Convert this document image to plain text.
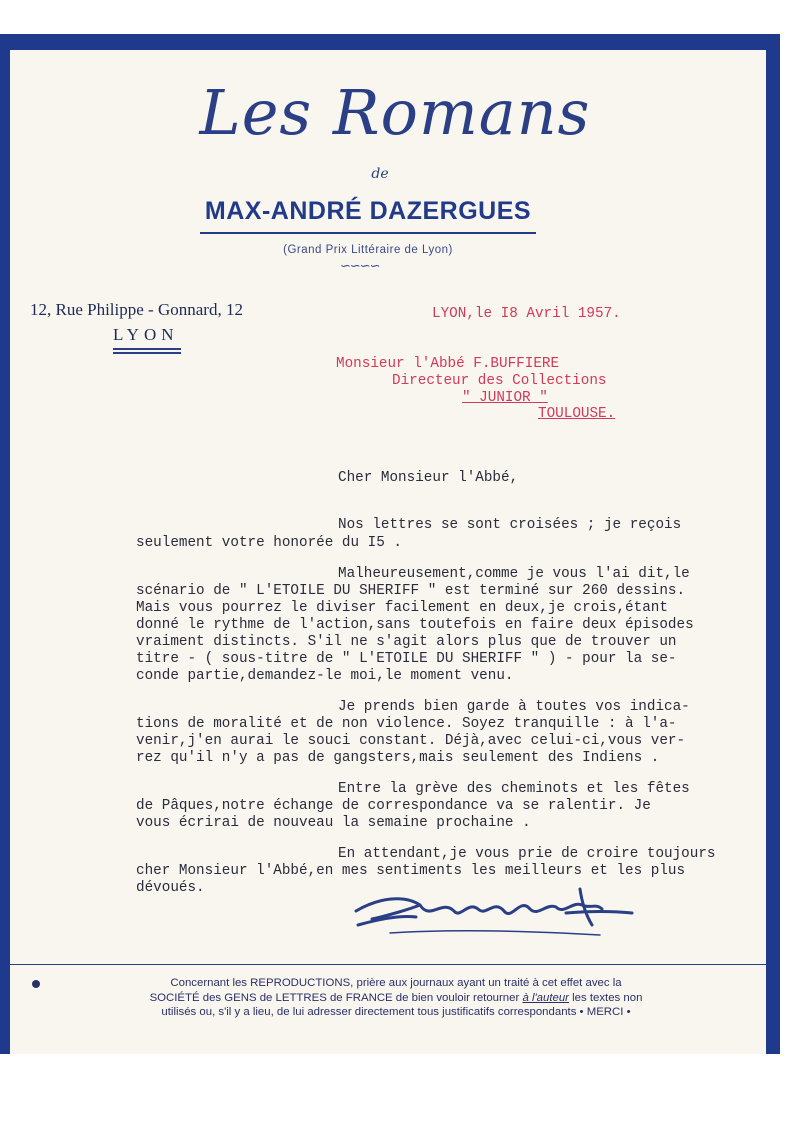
Les Romans

de

MAX-ANDRÉ DAZERGUES

(Grand Prix Littéraire de Lyon)

∽∽∽∽

12, Rue Philippe - Gonnard, 12

LYON

LYON,le I8 Avril 1957.

Monsieur l'Abbé F.BUFFIERE

Directeur des Collections

" JUNIOR "

TOULOUSE.

Cher Monsieur l'Abbé,

Nos lettres se sont croisées ; je reçois

seulement votre honorée du I5 .

Malheureusement,comme je vous l'ai dit,le

scénario de " L'ETOILE DU SHERIFF " est terminé sur 260 dessins.

Mais vous pourrez le diviser facilement en deux,je crois,étant

donné le rythme de l'action,sans toutefois en faire deux épisodes

vraiment distincts. S'il ne s'agit alors plus que de trouver un

titre - ( sous-titre de " L'ETOILE DU SHERIFF " ) - pour la se-

conde partie,demandez-le moi,le moment venu.

Je prends bien garde à toutes vos indica-

tions de moralité et de non violence. Soyez tranquille : à l'a-

venir,j'en aurai le souci constant. Déjà,avec celui-ci,vous ver-

rez qu'il n'y a pas de gangsters,mais seulement des Indiens .

Entre la grève des cheminots et les fêtes

de Pâques,notre échange de correspondance va se ralentir. Je

vous écrirai de nouveau la semaine prochaine .

En attendant,je vous prie de croire toujours

cher Monsieur l'Abbé,en mes sentiments les meilleurs et les plus

dévoués.

Concernant les REPRODUCTIONS, prière aux journaux ayant un traité à cet effet avec la
SOCIÉTÉ des GENS de LETTRES de FRANCE de bien vouloir retourner à l'auteur les textes non
utilisés ou, s'il y a lieu, de lui adresser directement tous justificatifs correspondants • MERCI •
